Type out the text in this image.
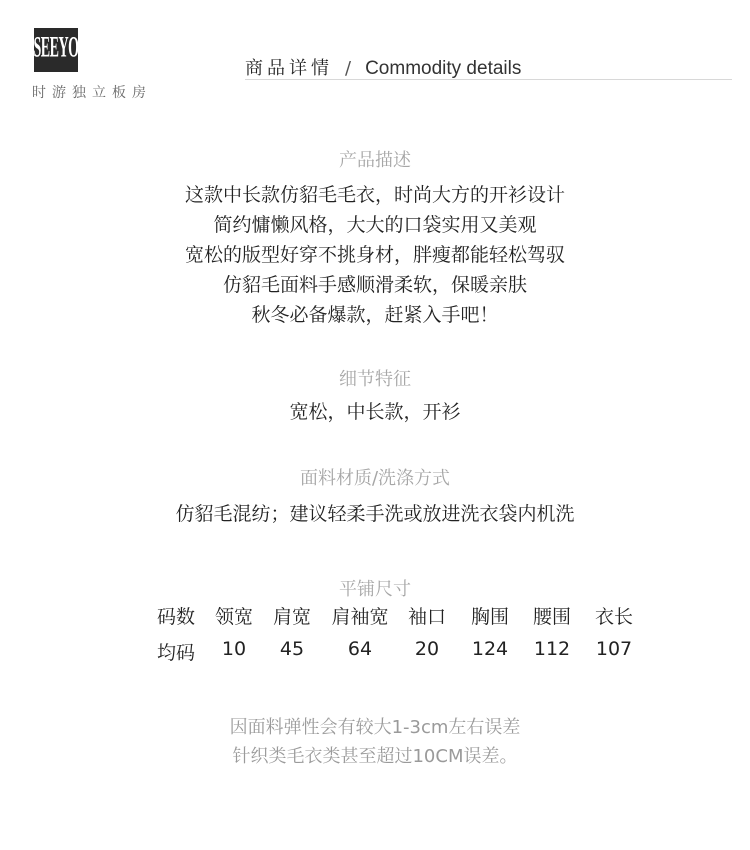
SEEYO
时游独立板房
商品详情 / Commodity details
产品描述
这款中长款仿貂毛毛衣，时尚大方的开衫设计
简约慵懒风格，大大的口袋实用又美观
宽松的版型好穿不挑身材，胖瘦都能轻松驾驭
仿貂毛面料手感顺滑柔软，保暖亲肤
秋冬必备爆款，赶紧入手吧！
细节特征
宽松，中长款，开衫
面料材质/洗涤方式
仿貂毛混纺；建议轻柔手洗或放进洗衣袋内机洗
平铺尺寸
码数 领宽 肩宽 肩袖宽 袖口 胸围 腰围 衣长
均码 10 45 64 20 124 112 107
因面料弹性会有较大1-3cm左右误差
针织类毛衣类甚至超过10CM误差。
